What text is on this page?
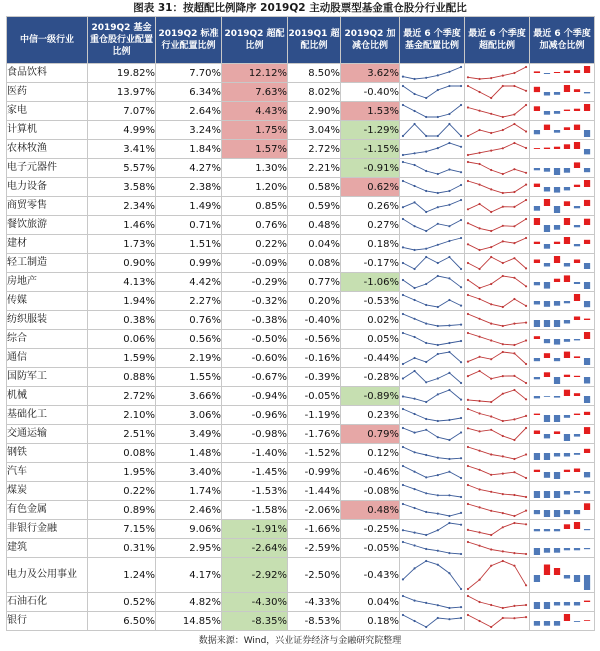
图表 31：按超配比例降序 2019Q2 主动股票型基金重仓股分行业配比
中信一级行业	2019Q2 基金重仓股行业配置比例	2019Q2 标准行业配置比例	2019Q2 超配比例	2019Q1 超配比例	2019Q2 加减仓比例	最近 6 个季度基金配置比例	最近 6 个季度超配比例	最近 6 个季度加减仓比例
食品饮料	19.82%	7.70%	12.12%	8.50%	3.62%	

医药	13.97%	6.34%	7.63%	8.02%	-0.40%	

家电	7.07%	2.64%	4.43%	2.90%	1.53%	

计算机	4.99%	3.24%	1.75%	3.04%	-1.29%	

农林牧渔	3.41%	1.84%	1.57%	2.72%	-1.15%	

电子元器件	5.57%	4.27%	1.30%	2.21%	-0.91%	

电力设备	3.58%	2.38%	1.20%	0.58%	0.62%	

商贸零售	2.34%	1.49%	0.85%	0.59%	0.26%	

餐饮旅游	1.46%	0.71%	0.76%	0.48%	0.27%	

建材	1.73%	1.51%	0.22%	0.04%	0.18%	

轻工制造	0.90%	0.99%	-0.09%	0.08%	-0.17%	

房地产	4.13%	4.42%	-0.29%	0.77%	-1.06%	

传媒	1.94%	2.27%	-0.32%	0.20%	-0.53%	

纺织服装	0.38%	0.76%	-0.38%	-0.40%	0.02%	

综合	0.06%	0.56%	-0.50%	-0.56%	0.05%	

通信	1.59%	2.19%	-0.60%	-0.16%	-0.44%	

国防军工	0.88%	1.55%	-0.67%	-0.39%	-0.28%	

机械	2.72%	3.66%	-0.94%	-0.05%	-0.89%	

基础化工	2.10%	3.06%	-0.96%	-1.19%	0.23%	

交通运输	2.51%	3.49%	-0.98%	-1.76%	0.79%	

钢铁	0.08%	1.48%	-1.40%	-1.52%	0.12%	

汽车	1.95%	3.40%	-1.45%	-0.99%	-0.46%	

煤炭	0.22%	1.74%	-1.53%	-1.44%	-0.08%	

有色金属	0.89%	2.46%	-1.58%	-2.06%	0.48%	

非银行金融	7.15%	9.06%	-1.91%	-1.66%	-0.25%	

建筑	0.31%	2.95%	-2.64%	-2.59%	-0.05%	

电力及公用事业	1.24%	4.17%	-2.92%	-2.50%	-0.43%	

石油石化	0.52%	4.82%	-4.30%	-4.33%	0.04%	

银行	6.50%	14.85%	-8.35%	-8.53%	0.18%	

数据来源：Wind，兴业证券经济与金融研究院整理
